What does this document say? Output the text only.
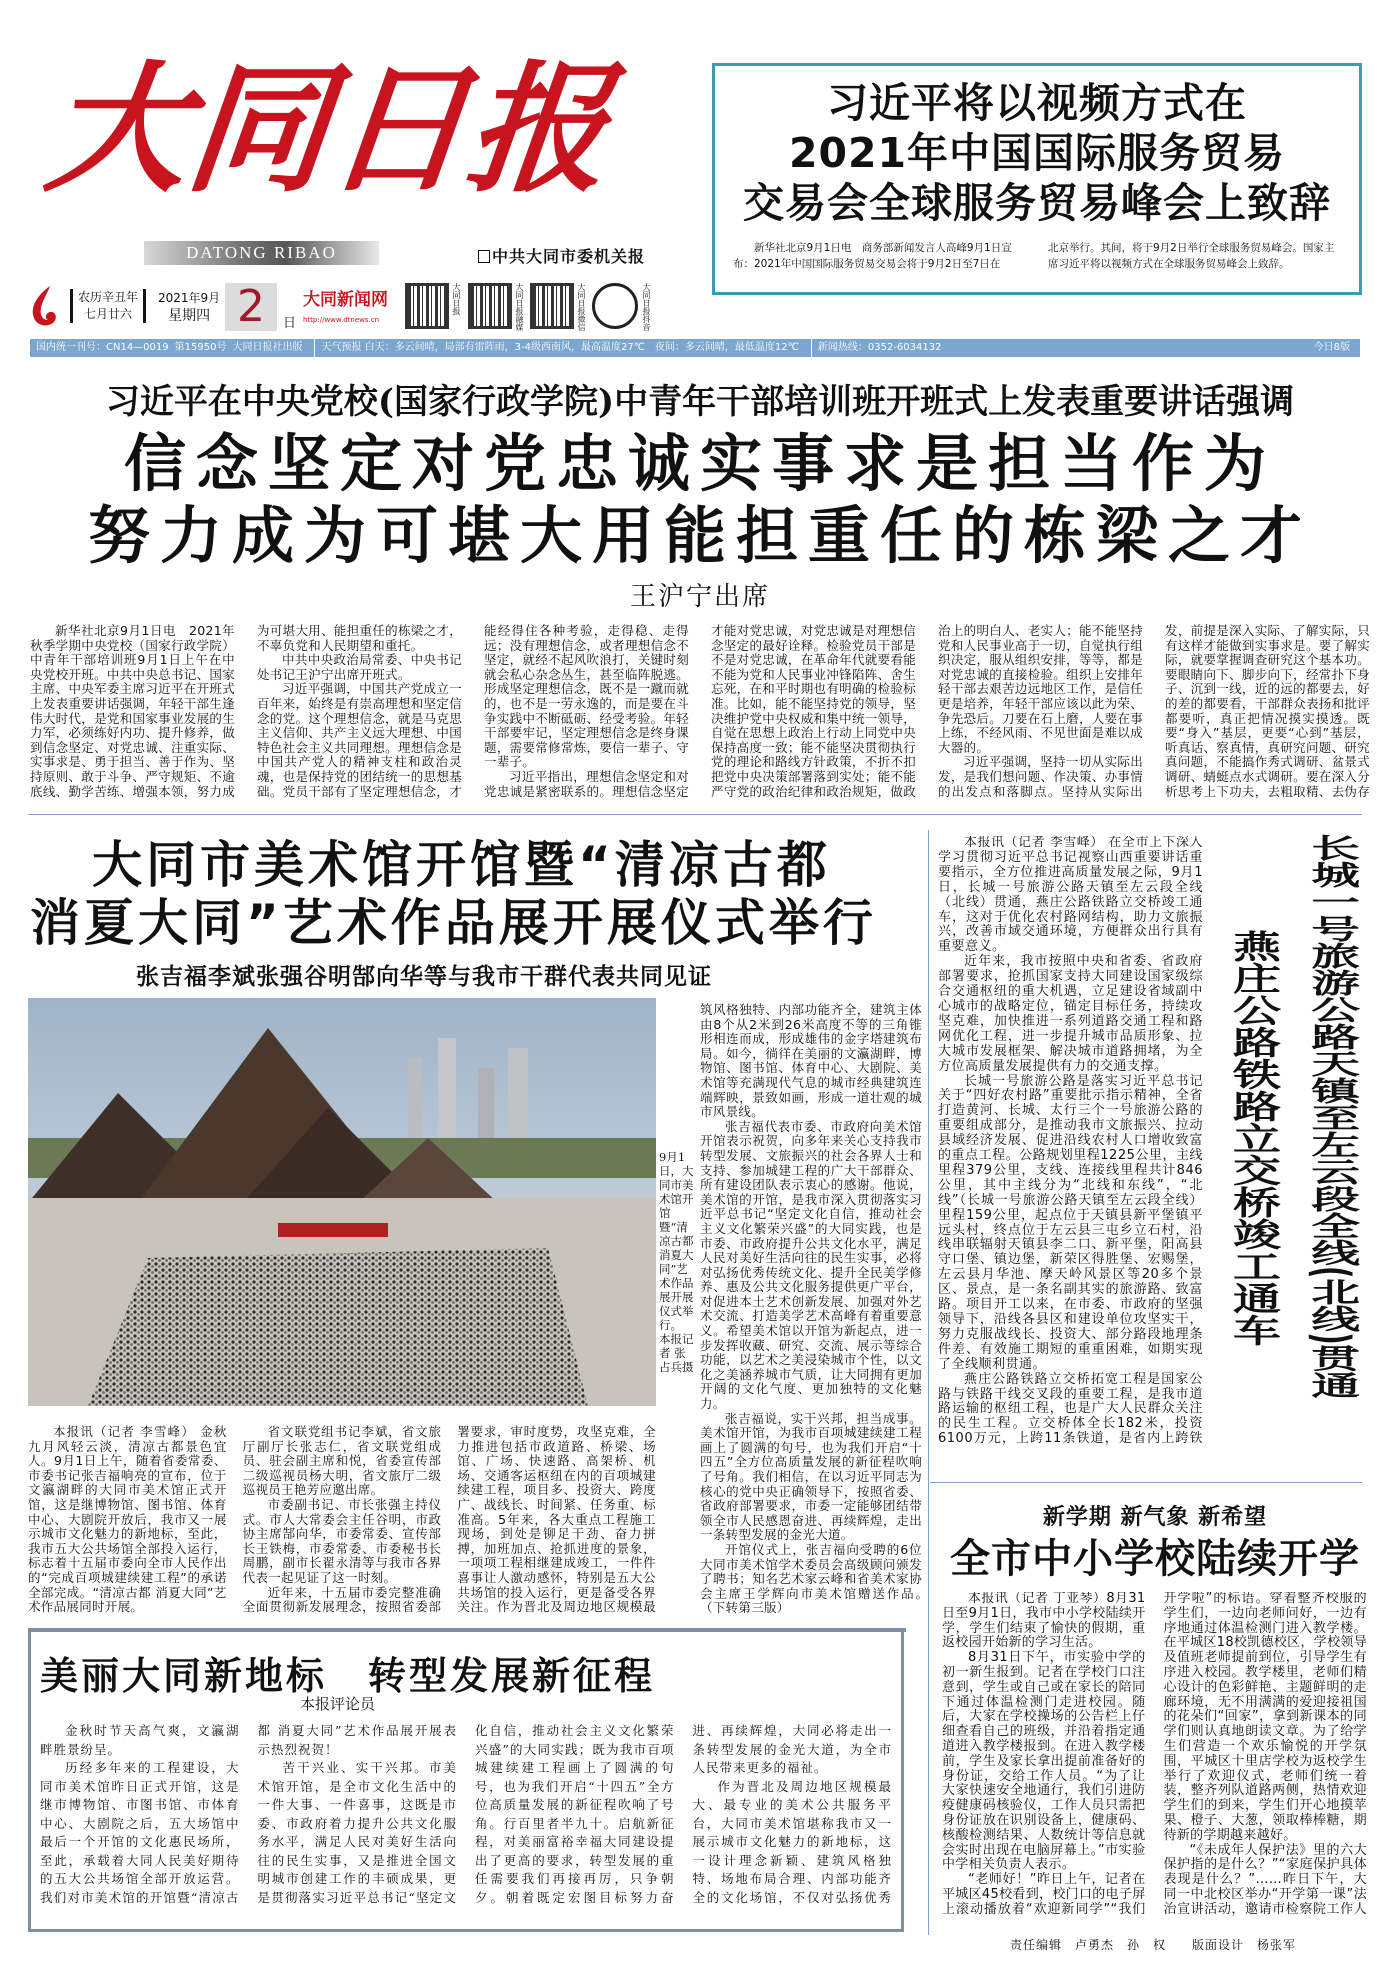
大同日报
DATONG RIBAO	中共大同市委机关报
习近平将以视频方式在
2021年中国国际服务贸易
交易会全球服务贸易峰会上致辞
新华社北京9月1日电　商务部新闻发言人高峰9月1日宣布：2021年中国国际服务贸易交易会将于9月2日至7日在
北京举行。其间，将于9月2日举行全球服务贸易峰会。国家主席习近平将以视频方式在全球服务贸易峰会上致辞。
农历辛丑年
七月廿六
2021年9月
星期四 2	日
大同新闻网
http://www.dtnews.cn
大同日报	大同日报融媒	大同日报微信	大同日报抖音
国内统一刊号：CN14—0019 第15950号 大同日报社出版	天气预报 白天：多云间晴，局部有雷阵雨，3-4级西南风，最高温度27℃　夜间：多云间晴，最低温度12℃	新闻热线：0352-6034132	今日8版
习近平在中央党校(国家行政学院)中青年干部培训班开班式上发表重要讲话强调
信念坚定对党忠诚实事求是担当作为
努力成为可堪大用能担重任的栋梁之才
王沪宁出席

新华社北京9月1日电　2021年秋季学期中央党校（国家行政学院）中青年干部培训班9月1日上午在中央党校开班。中共中央总书记、国家主席、中央军委主席习近平在开班式上发表重要讲话强调，年轻干部生逢伟大时代，是党和国家事业发展的生力军，必须练好内功、提升修养，做到信念坚定、对党忠诚、注重实际、实事求是、勇于担当、善于作为、坚持原则、敢于斗争、严守规矩、不逾底线、勤学苦练、增强本领，努力成为可堪大用、能担重任的栋梁之才，不辜负党和人民期望和重托。

中共中央政治局常委、中央书记处书记王沪宁出席开班式。

习近平强调，中国共产党成立一百年来，始终是有崇高理想和坚定信念的党。这个理想信念，就是马克思主义信仰、共产主义远大理想、中国特色社会主义共同理想。理想信念是中国共产党人的精神支柱和政治灵魂，也是保持党的团结统一的思想基础。党员干部有了坚定理想信念，才能经得住各种考验，走得稳、走得远；没有理想信念，或者理想信念不坚定，就经不起风吹浪打，关键时刻就会私心杂念丛生，甚至临阵脱逃。形成坚定理想信念，既不是一蹴而就的，也不是一劳永逸的，而是要在斗争实践中不断砥砺、经受考验。年轻干部要牢记，坚定理想信念是终身课题，需要常修常炼，要信一辈子、守一辈子。

习近平指出，理想信念坚定和对党忠诚是紧密联系的。理想信念坚定才能对党忠诚，对党忠诚是对理想信念坚定的最好诠释。检验党员干部是不是对党忠诚，在革命年代就要看能不能为党和人民事业冲锋陷阵、舍生忘死，在和平时期也有明确的检验标准。比如，能不能坚持党的领导，坚决维护党中央权威和集中统一领导，自觉在思想上政治上行动上同党中央保持高度一致；能不能坚决贯彻执行党的理论和路线方针政策，不折不扣把党中央决策部署落到实处；能不能严守党的政治纪律和政治规矩，做政治上的明白人、老实人；能不能坚持党和人民事业高于一切，自觉执行组织决定，服从组织安排，等等，都是对党忠诚的直接检验。组织上安排年轻干部去艰苦边远地区工作，是信任更是培养，年轻干部应该以此为荣、争先恐后。刀要在石上磨，人要在事上练，不经风雨、不见世面是难以成大器的。

习近平强调，坚持一切从实际出发，是我们想问题、作决策、办事情的出发点和落脚点。坚持从实际出发，前提是深入实际、了解实际，只有这样才能做到实事求是。要了解实际，就要掌握调查研究这个基本功。要眼睛向下、脚步向下，经常扑下身子、沉到一线，近的远的都要去，好的差的都要看，干部群众表扬和批评都要听，真正把情况摸实摸透。既要“身入”基层，更要“心到”基层，听真话、察真情，真研究问题、研究真问题，不能搞作秀式调研、盆景式调研、蜻蜓点水式调研。要在深入分析思考上下功夫，去粗取精、去伪存

大同市美术馆开馆暨“清凉古都
消夏大同”艺术作品展开展仪式举行
张吉福李斌张强谷明郜向华等与我市干群代表共同见证
9月1日，大同市美术馆开馆暨“清凉古都 消夏大同”艺术作品展开展仪式举行。
本报记者 张占兵摄

本报讯（记者 李雪峰） 金秋九月风轻云淡，清凉古都景色宜人。9月1日上午，随着省委常委、市委书记张吉福响亮的宣布，位于文瀛湖畔的大同市美术馆正式开馆，这是继博物馆、图书馆、体育中心、大剧院开放后，我市又一展示城市文化魅力的新地标，至此，我市五大公共场馆全部投入运行，标志着十五届市委向全市人民作出的“完成百项城建续建工程”的承诺全部完成。“清凉古都 消夏大同”艺术作品展同时开展。

省文联党组书记李斌，省文旅厅副厅长张志仁，省文联党组成员、驻会副主席和悦，省委宣传部二级巡视员杨大明，省文旅厅二级巡视员王艳芳应邀出席。

市委副书记、市长张强主持仪式。市人大常委会主任谷明，市政协主席郜向华，市委常委、宣传部长王铁梅，市委常委、市委秘书长周鹏，副市长翟永清等与我市各界代表一起见证了这一时刻。

近年来，十五届市委完整准确全面贯彻新发展理念，按照省委部署要求，审时度势，攻坚克难，全力推进包括市政道路、桥梁、场馆、广场、快速路、高架桥、机场、交通客运枢纽在内的百项城建续建工程，项目多、投资大、跨度广、战线长、时间紧、任务重、标准高。5年来，各大重点工程施工现场，到处是铆足干劲、奋力拼搏，加班加点、抢抓进度的景象，一项项工程相继建成竣工，一件件喜事让人激动感怀，特别是五大公共场馆的投入运行，更是备受各界关注。作为晋北及周边地区规模最

筑风格独特、内部功能齐全，建筑主体由8个从2米到26米高度不等的三角锥形相连而成，形成雄伟的金字塔建筑布局。如今，徜徉在美丽的文瀛湖畔，博物馆、图书馆、体育中心、大剧院、美术馆等充满现代气息的城市经典建筑连端辉映，景致如画，形成一道壮观的城市风景线。

张吉福代表市委、市政府向美术馆开馆表示祝贺，向多年来关心支持我市转型发展、文旅振兴的社会各界人士和支持、参加城建工程的广大干部群众、所有建设团队表示衷心的感谢。他说，美术馆的开馆，是我市深入贯彻落实习近平总书记“坚定文化自信，推动社会主义文化繁荣兴盛”的大同实践，也是市委、市政府提升公共文化水平，满足人民对美好生活向往的民生实事，必将对弘扬优秀传统文化、提升全民美学修养、惠及公共文化服务提供更广平台，对促进本土艺术创新发展、加强对外艺术交流、打造美学艺术高峰有着重要意义。希望美术馆以开馆为新起点，进一步发挥收藏、研究、交流、展示等综合功能，以艺术之美浸染城市个性，以文化之美涵养城市气质，让大同拥有更加开阔的文化气度、更加独特的文化魅力。

张吉福说，实干兴邦，担当成事。美术馆开馆，为我市百项城建续建工程画上了圆满的句号，也为我们开启“十四五”全方位高质量发展的新征程吹响了号角。我们相信，在以习近平同志为核心的党中央正确领导下，按照省委、省政府部署要求，市委一定能够团结带领全市人民感恩奋进、再续辉煌，走出一条转型发展的金光大道。

开馆仪式上，张吉福向受聘的6位大同市美术馆学术委员会高级顾问颁发了聘书；知名艺术家云峰和省美术家协会主席王学辉向市美术馆赠送作品。　　（下转第三版）

本报讯（记者 李雪峰） 在全市上下深入学习贯彻习近平总书记视察山西重要讲话重要指示，全方位推进高质量发展之际，9月1日，长城一号旅游公路天镇至左云段全线（北线）贯通，燕庄公路铁路立交桥竣工通车，这对于优化农村路网结构，助力文旅振兴，改善市域交通环境，方便群众出行具有重要意义。

近年来，我市按照中央和省委、省政府部署要求，抢抓国家支持大同建设国家级综合交通枢纽的重大机遇，立足建设省域副中心城市的战略定位，锚定目标任务，持续攻坚克难，加快推进一系列道路交通工程和路网优化工程，进一步提升城市品质形象、拉大城市发展框架、解决城市道路拥堵，为全方位高质量发展提供有力的交通支撑。

长城一号旅游公路是落实习近平总书记关于“四好农村路”重要批示指示精神，全省打造黄河、长城、太行三个一号旅游公路的重要组成部分，是推动我市文旅振兴、拉动县域经济发展、促进沿线农村人口增收致富的重点工程。公路规划里程1225公里，主线里程379公里，支线、连接线里程共计846公里，其中主线分为“北线和东线”，“北线”（长城一号旅游公路天镇至左云段全线）里程159公里，起点位于天镇县新平堡镇平远头村，终点位于左云县三屯乡立石村，沿线串联辐射天镇县李二口、新平堡，阳高县守口堡、镇边堡，新荣区得胜堡、宏赐堡，左云县月华池、摩天岭风景区等20多个景区、景点，是一条名副其实的旅游路、致富路。项目开工以来，在市委、市政府的坚强领导下，沿线各县区和建设单位攻坚实干，努力克服战线长、投资大、部分路段地理条件差、有效施工期短的重重困难，如期实现了全线顺利贯通。

燕庄公路铁路立交桥拓宽工程是国家公路与铁路干线交叉段的重要工程，是我市道路运输的枢纽工程，也是广大人民群众关注的民生工程。立交桥体全长182米，投资6100万元，上跨11条铁道，是省内上跨铁

长城一号旅游公路天镇至左云段全线(北线)贯通
燕庄公路铁路立交桥竣工通车
美丽大同新地标　转型发展新征程
本报评论员

金秋时节天高气爽，文瀛湖畔胜景纷呈。

历经多年来的工程建设，大同市美术馆昨日正式开馆，这是继市博物馆、市图书馆、市体育中心、大剧院之后，五大场馆中最后一个开馆的文化惠民场所，至此，承载着大同人民美好期待的五大公共场馆全部开放运营。我们对市美术馆的开馆暨“清凉古都 消夏大同”艺术作品展开展表示热烈祝贺！

苦干兴业、实干兴邦。市美术馆开馆，是全市文化生活中的一件大事、一件喜事，这既是市委、市政府着力提升公共文化服务水平，满足人民对美好生活向往的民生实事，又是推进全国文明城市创建工作的丰硕成果，更是贯彻落实习近平总书记“坚定文化自信，推动社会主义文化繁荣兴盛”的大同实践；既为我市百项城建续建工程画上了圆满的句号，也为我们开启“十四五”全方位高质量发展的新征程吹响了号角。行百里者半九十。启航新征程，对美丽富裕幸福大同建设提出了更高的要求，转型发展的重任需要我们再接再厉，只争朝夕。朝着既定宏图目标努力奋进、再续辉煌，大同必将走出一条转型发展的金光大道，为全市人民带来更多的福祉。

作为晋北及周边地区规模最大、最专业的美术公共服务平台，大同市美术馆堪称我市又一展示城市文化魅力的新地标，这一设计理念新颖、建筑风格独特、场地布局合理、内部功能齐全的文化场馆，不仅对弘扬优秀

新学期 新气象 新希望
全市中小学校陆续开学

本报讯（记者 丁亚琴）8月31日至9月1日，我市中小学校陆续开学，学生们结束了愉快的假期，重返校园开始新的学习生活。

8月31日下午，市实验中学的初一新生报到。记者在学校门口注意到，学生或自己或在家长的陪同下通过体温检测门走进校园。随后，大家在学校操场的公告栏上仔细查看自己的班级，并沿着指定通道进入教学楼报到。在进入教学楼前，学生及家长拿出提前准备好的身份证，交给工作人员。“为了让大家快速安全地通行，我们引进防疫健康码核验仪，工作人员只需把身份证放在识别设备上，健康码、核酸检测结果、人数统计等信息就会实时出现在电脑屏幕上。”市实验中学相关负责人表示。

“老师好！”昨日上午，记者在平城区45校看到，校门口的电子屏上滚动播放着“欢迎新同学”“我们开学啦”的标语。穿着整齐校服的学生们，一边向老师问好，一边有序地通过体温检测门进入教学楼。在平城区18校凯德校区，学校领导及值班老师提前到位，引导学生有序进入校园。教学楼里，老师们精心设计的色彩鲜艳、主题鲜明的走廊环境，无不用满满的爱迎接祖国的花朵们“回家”，拿到新课本的同学们则认真地朗读文章。为了给学生们营造一个欢乐愉悦的开学氛围，平城区十里店学校为返校学生举行了欢迎仪式，老师们统一着装，整齐列队道路两侧，热情欢迎学生们的到来，学生们开心地摸苹果、橙子、大葱，领取棒棒糖，期待新的学期越来越好。

“《未成年人保护法》里的六大保护指的是什么？”“家庭保护具体表现是什么？”……昨日下午，大同一中北校区举办“开学第一课”法治宣讲活动，邀请市检察院工作人　　

责任编辑　卢勇杰　孙　权　　版面设计　杨张军
